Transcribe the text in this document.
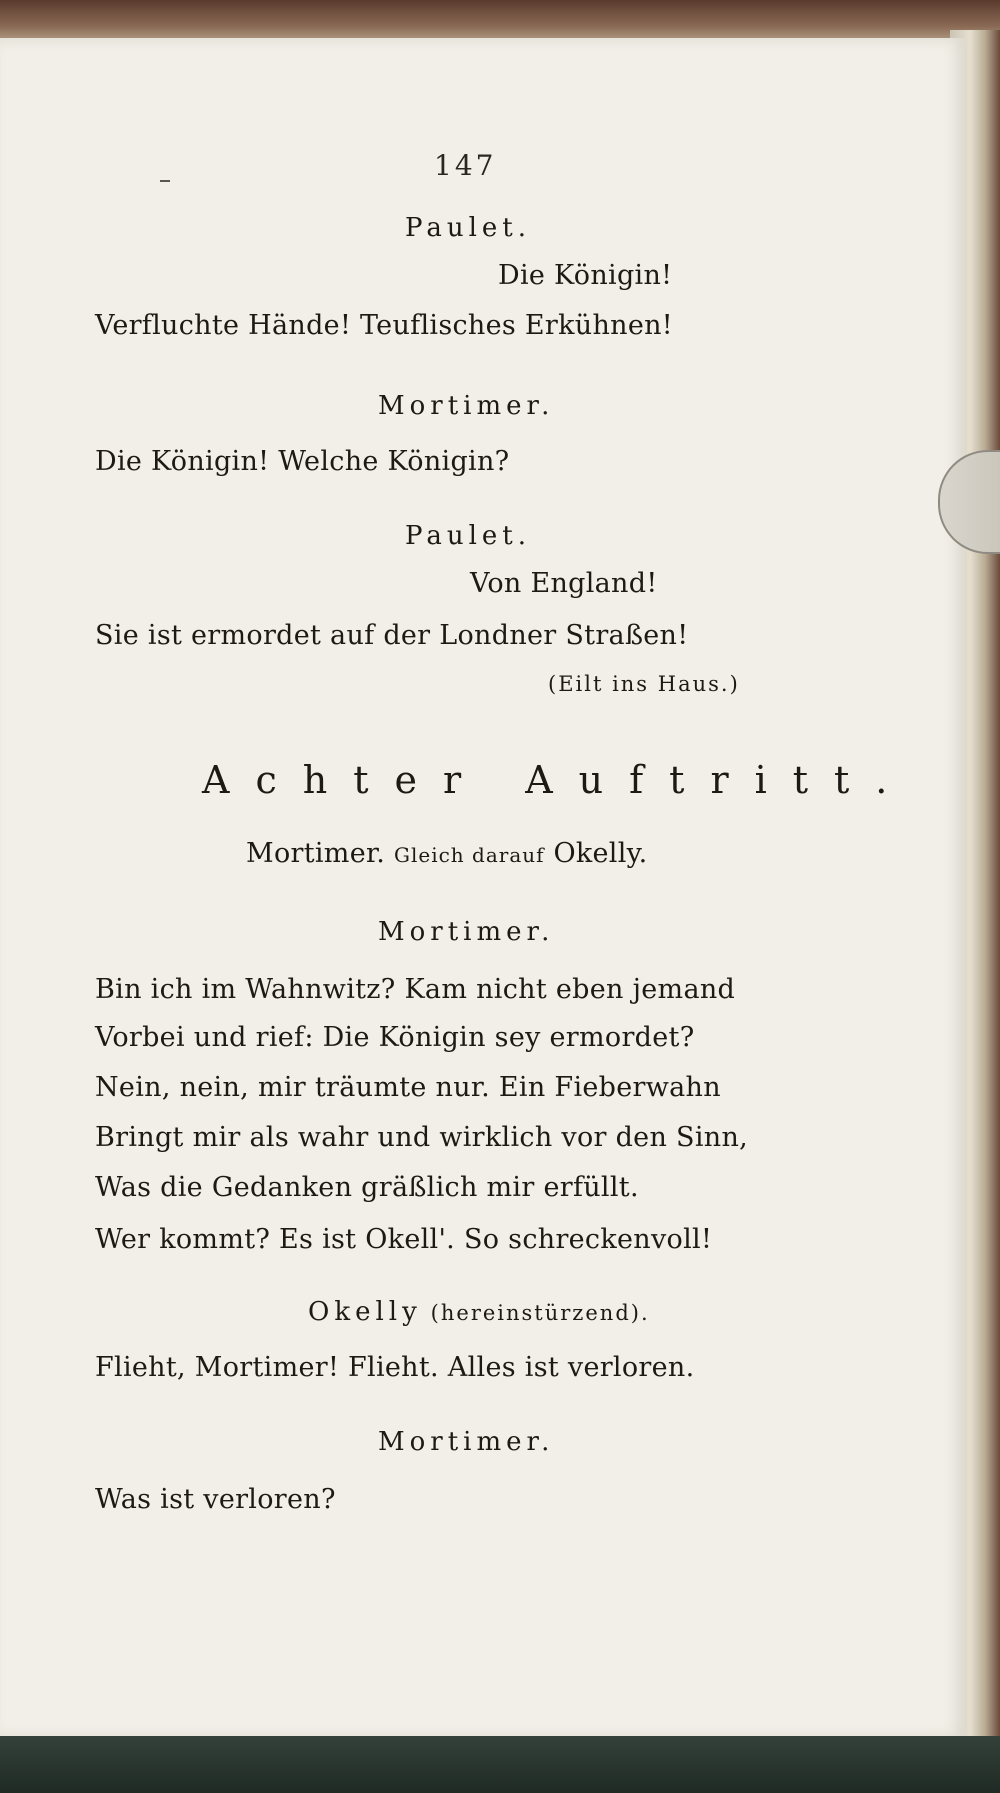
147
Paulet.
Die Königin!
Verfluchte Hände! Teuflisches Erkühnen!
Mortimer.
Die Königin! Welche Königin?
Paulet.
Von England!
Sie ist ermordet auf der Londner Straßen!
(Eilt ins Haus.)
Achter Auftritt.
Mortimer. Gleich darauf Okelly.
Mortimer.
Bin ich im Wahnwitz? Kam nicht eben jemand
Vorbei und rief: Die Königin sey ermordet?
Nein, nein, mir träumte nur. Ein Fieberwahn
Bringt mir als wahr und wirklich vor den Sinn,
Was die Gedanken gräßlich mir erfüllt.
Wer kommt? Es ist Okell'. So schreckenvoll!
Okelly (hereinstürzend).
Flieht, Mortimer! Flieht. Alles ist verloren.
Mortimer.
Was ist verloren?
